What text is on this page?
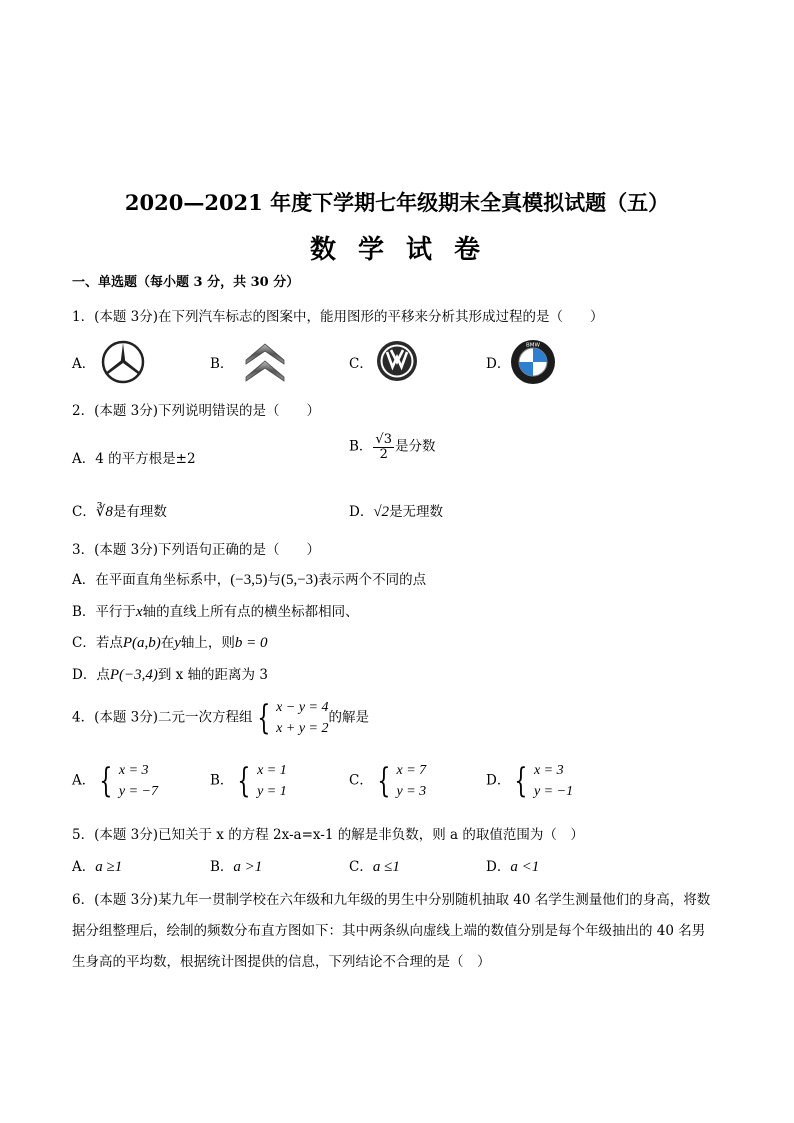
2020—2021 年度下学期七年级期末全真模拟试题（五）
数学试卷
一、单选题（每小题 3 分，共 30 分）
1．(本题 3分)在下列汽车标志的图案中，能用图形的平移来分析其形成过程的是（　　）
A．	B．	C．	D．
BMW
2．(本题 3分)下列说明错误的是（　　）
A．4 的平方根是±2
B． $\frac{√3}{2}$ 是分数
C．∛8是有理数	D．√2是无理数
3．(本题 3分)下列语句正确的是（　　）
A．在平面直角坐标系中，(−3,5)与(5,−3)表示两个不同的点
B．平行于x轴的直线上所有点的横坐标都相同、
C．若点P(a,b)在y轴上，则b = 0
D．点P(−3,4)到 x 轴的距离为 3
4．(本题 3分)二元一次方程组 { x − y = 4
x + y = 2
的解是
A． { x = 3
y = −7
B． { x = 1
y = 1
C． { x = 7
y = 3
D． { x = 3
y = −1
5．(本题 3分)已知关于 x 的方程 2x-a=x-1 的解是非负数，则 a 的取值范围为（　）
A．a ≥1	B．a >1	C．a ≤1	D．a <1
6．(本题 3分)某九年一贯制学校在六年级和九年级的男生中分别随机抽取 40 名学生测量他们的身高，将数
据分组整理后，绘制的频数分布直方图如下：其中两条纵向虚线上端的数值分别是每个年级抽出的 40 名男
生身高的平均数，根据统计图提供的信息，下列结论不合理的是（　）
